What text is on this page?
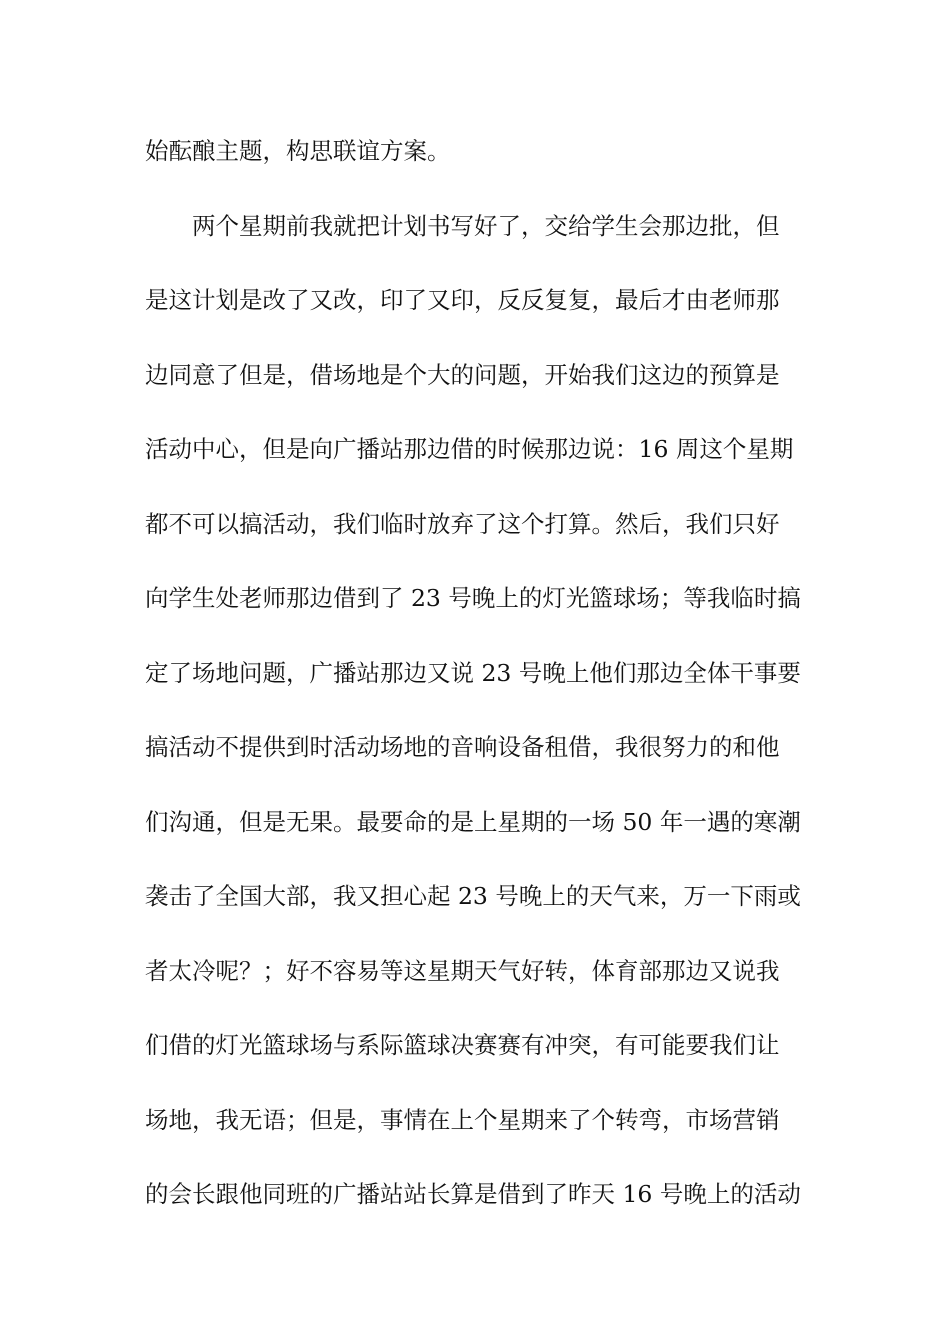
始酝酿主题，构思联谊方案。
两个星期前我就把计划书写好了，交给学生会那边批，但
是这计划是改了又改，印了又印，反反复复，最后才由老师那
边同意了但是，借场地是个大的问题，开始我们这边的预算是
活动中心，但是向广播站那边借的时候那边说：16 周这个星期
都不可以搞活动，我们临时放弃了这个打算。然后，我们只好
向学生处老师那边借到了 23 号晚上的灯光篮球场；等我临时搞
定了场地问题，广播站那边又说 23 号晚上他们那边全体干事要
搞活动不提供到时活动场地的音响设备租借，我很努力的和他
们沟通，但是无果。最要命的是上星期的一场 50 年一遇的寒潮
袭击了全国大部，我又担心起 23 号晚上的天气来，万一下雨或
者太冷呢？；好不容易等这星期天气好转，体育部那边又说我
们借的灯光篮球场与系际篮球决赛赛有冲突，有可能要我们让
场地，我无语；但是，事情在上个星期来了个转弯，市场营销
的会长跟他同班的广播站站长算是借到了昨天 16 号晚上的活动
